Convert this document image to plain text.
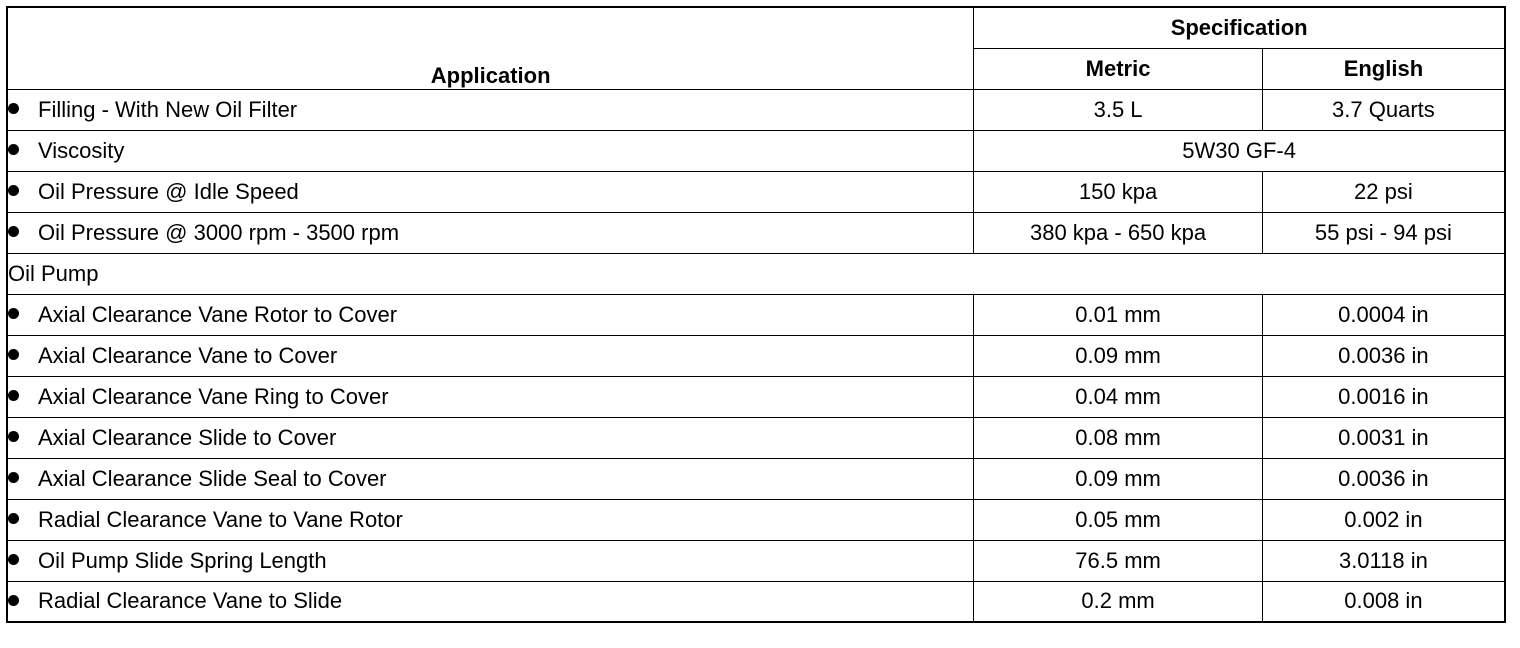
Application	Specification	
	Metric	English
Filling - With New Oil Filter	3.5 L	3.7 Quarts
Viscosity	5W30 GF-4	
Oil Pressure @ Idle Speed	150 kpa	22 psi
Oil Pressure @ 3000 rpm - 3500 rpm	380 kpa - 650 kpa	55 psi - 94 psi
Oil Pump		
Axial Clearance Vane Rotor to Cover	0.01 mm	0.0004 in
Axial Clearance Vane to Cover	0.09 mm	0.0036 in
Axial Clearance Vane Ring to Cover	0.04 mm	0.0016 in
Axial Clearance Slide to Cover	0.08 mm	0.0031 in
Axial Clearance Slide Seal to Cover	0.09 mm	0.0036 in
Radial Clearance Vane to Vane Rotor	0.05 mm	0.002 in
Oil Pump Slide Spring Length	76.5 mm	3.0118 in
Radial Clearance Vane to Slide	0.2 mm	0.008 in
